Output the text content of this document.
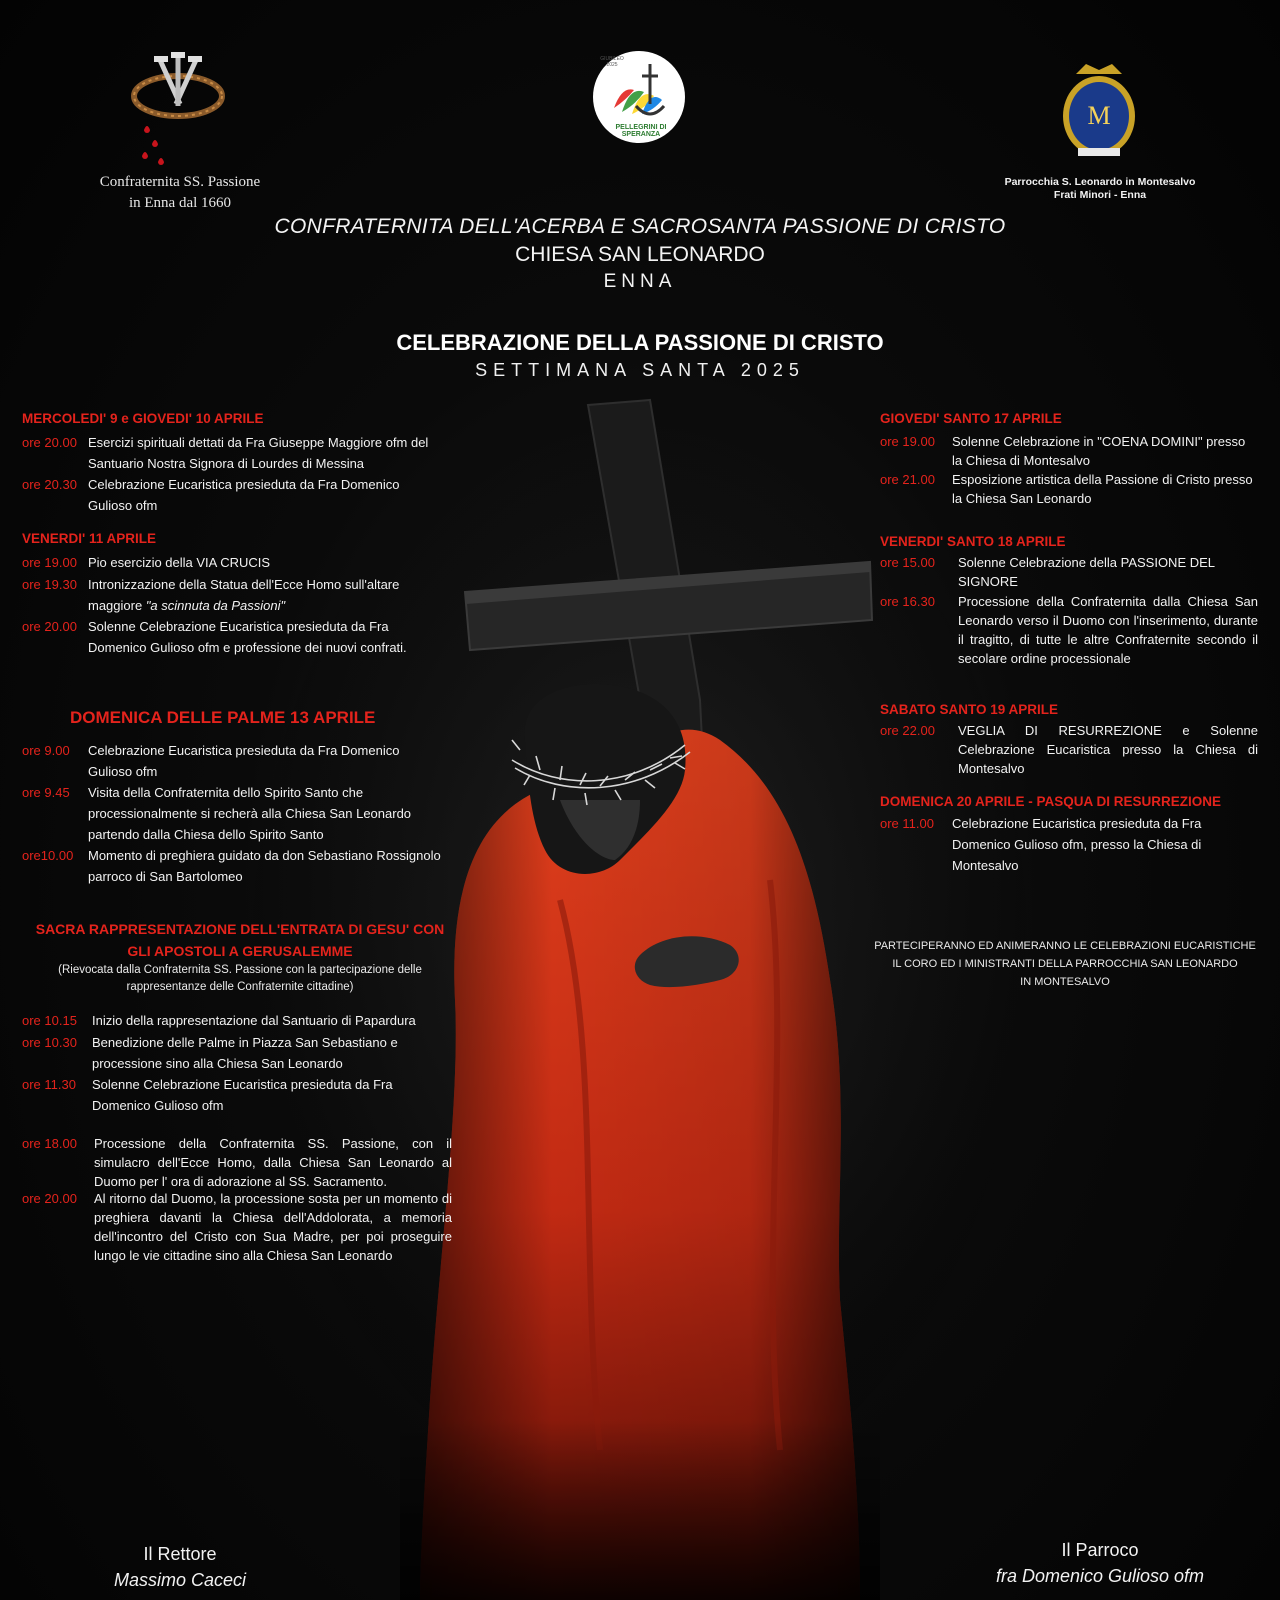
Confraternita SS. Passione
in Enna dal 1660
GIUBILEO 2025
PELLEGRINI DI SPERANZA
M
Parrocchia S. Leonardo in Montesalvo
Frati Minori - Enna
CONFRATERNITA DELL'ACERBA E SACROSANTA PASSIONE DI CRISTO
CHIESA SAN LEONARDO
ENNA
CELEBRAZIONE DELLA PASSIONE DI CRISTO
SETTIMANA SANTA 2025
MERCOLEDI' 9 e GIOVEDI' 10 APRILE
ore 20.00 Esercizi spirituali dettati da Fra Giuseppe Maggiore ofm del Santuario Nostra Signora di Lourdes di Messina
ore 20.30 Celebrazione Eucaristica presieduta da Fra Domenico Gulioso ofm
VENERDI' 11 APRILE
ore 19.00 Pio esercizio della VIA CRUCIS
ore 19.30 Intronizzazione della Statua dell'Ecce Homo sull'altare maggiore "a scinnuta da Passioni"
ore 20.00 Solenne Celebrazione Eucaristica presieduta da Fra Domenico Gulioso ofm e professione dei nuovi confrati.
DOMENICA DELLE PALME 13 APRILE
ore 9.00	Celebrazione Eucaristica presieduta da Fra Domenico Gulioso ofm
ore 9.45	Visita della Confraternita dello Spirito Santo che processionalmente si recherà alla Chiesa San Leonardo partendo dalla Chiesa dello Spirito Santo
ore10.00	Momento di preghiera guidato da don Sebastiano Rossignolo parroco di San Bartolomeo
SACRA RAPPRESENTAZIONE DELL'ENTRATA DI GESU' CON
GLI APOSTOLI A GERUSALEMME
(Rievocata dalla Confraternita SS. Passione con la partecipazione delle
rappresentanze delle Confraternite cittadine)
ore 10.15	Inizio della rappresentazione dal Santuario di Papardura
ore 10.30	Benedizione delle Palme in Piazza San Sebastiano e processione sino alla Chiesa San Leonardo
ore 11.30	Solenne Celebrazione Eucaristica presieduta da Fra Domenico Gulioso ofm
ore 18.00	Processione della Confraternita SS. Passione, con il simulacro dell'Ecce Homo, dalla Chiesa San Leonardo al Duomo per l' ora di adorazione al SS. Sacramento.
ore 20.00	Al ritorno dal Duomo, la processione sosta per un momento di preghiera davanti la Chiesa dell'Addolorata, a memoria dell'incontro del Cristo con Sua Madre, per poi proseguire lungo le vie cittadine sino alla Chiesa San Leonardo
GIOVEDI' SANTO 17 APRILE
ore 19.00	Solenne Celebrazione in "COENA DOMINI" presso la Chiesa di Montesalvo
ore 21.00	Esposizione artistica della Passione di Cristo presso la Chiesa San Leonardo
VENERDI' SANTO 18 APRILE
ore 15.00	Solenne Celebrazione della PASSIONE DEL SIGNORE
ore 16.30	Processione della Confraternita dalla Chiesa San Leonardo verso il Duomo con l'inserimento, durante il tragitto, di tutte le altre Confraternite secondo il secolare ordine processionale
SABATO SANTO 19 APRILE
ore 22.00	VEGLIA DI RESURREZIONE e Solenne Celebrazione Eucaristica presso la Chiesa di Montesalvo
DOMENICA 20 APRILE - PASQUA DI RESURREZIONE
ore 11.00	Celebrazione Eucaristica presieduta da Fra Domenico Gulioso ofm, presso la Chiesa di Montesalvo
PARTECIPERANNO ED ANIMERANNO LE CELEBRAZIONI EUCARISTICHE
IL CORO ED I MINISTRANTI DELLA PARROCCHIA SAN LEONARDO
IN MONTESALVO
Il Rettore
Massimo Caceci
Il Parroco
fra Domenico Gulioso ofm
